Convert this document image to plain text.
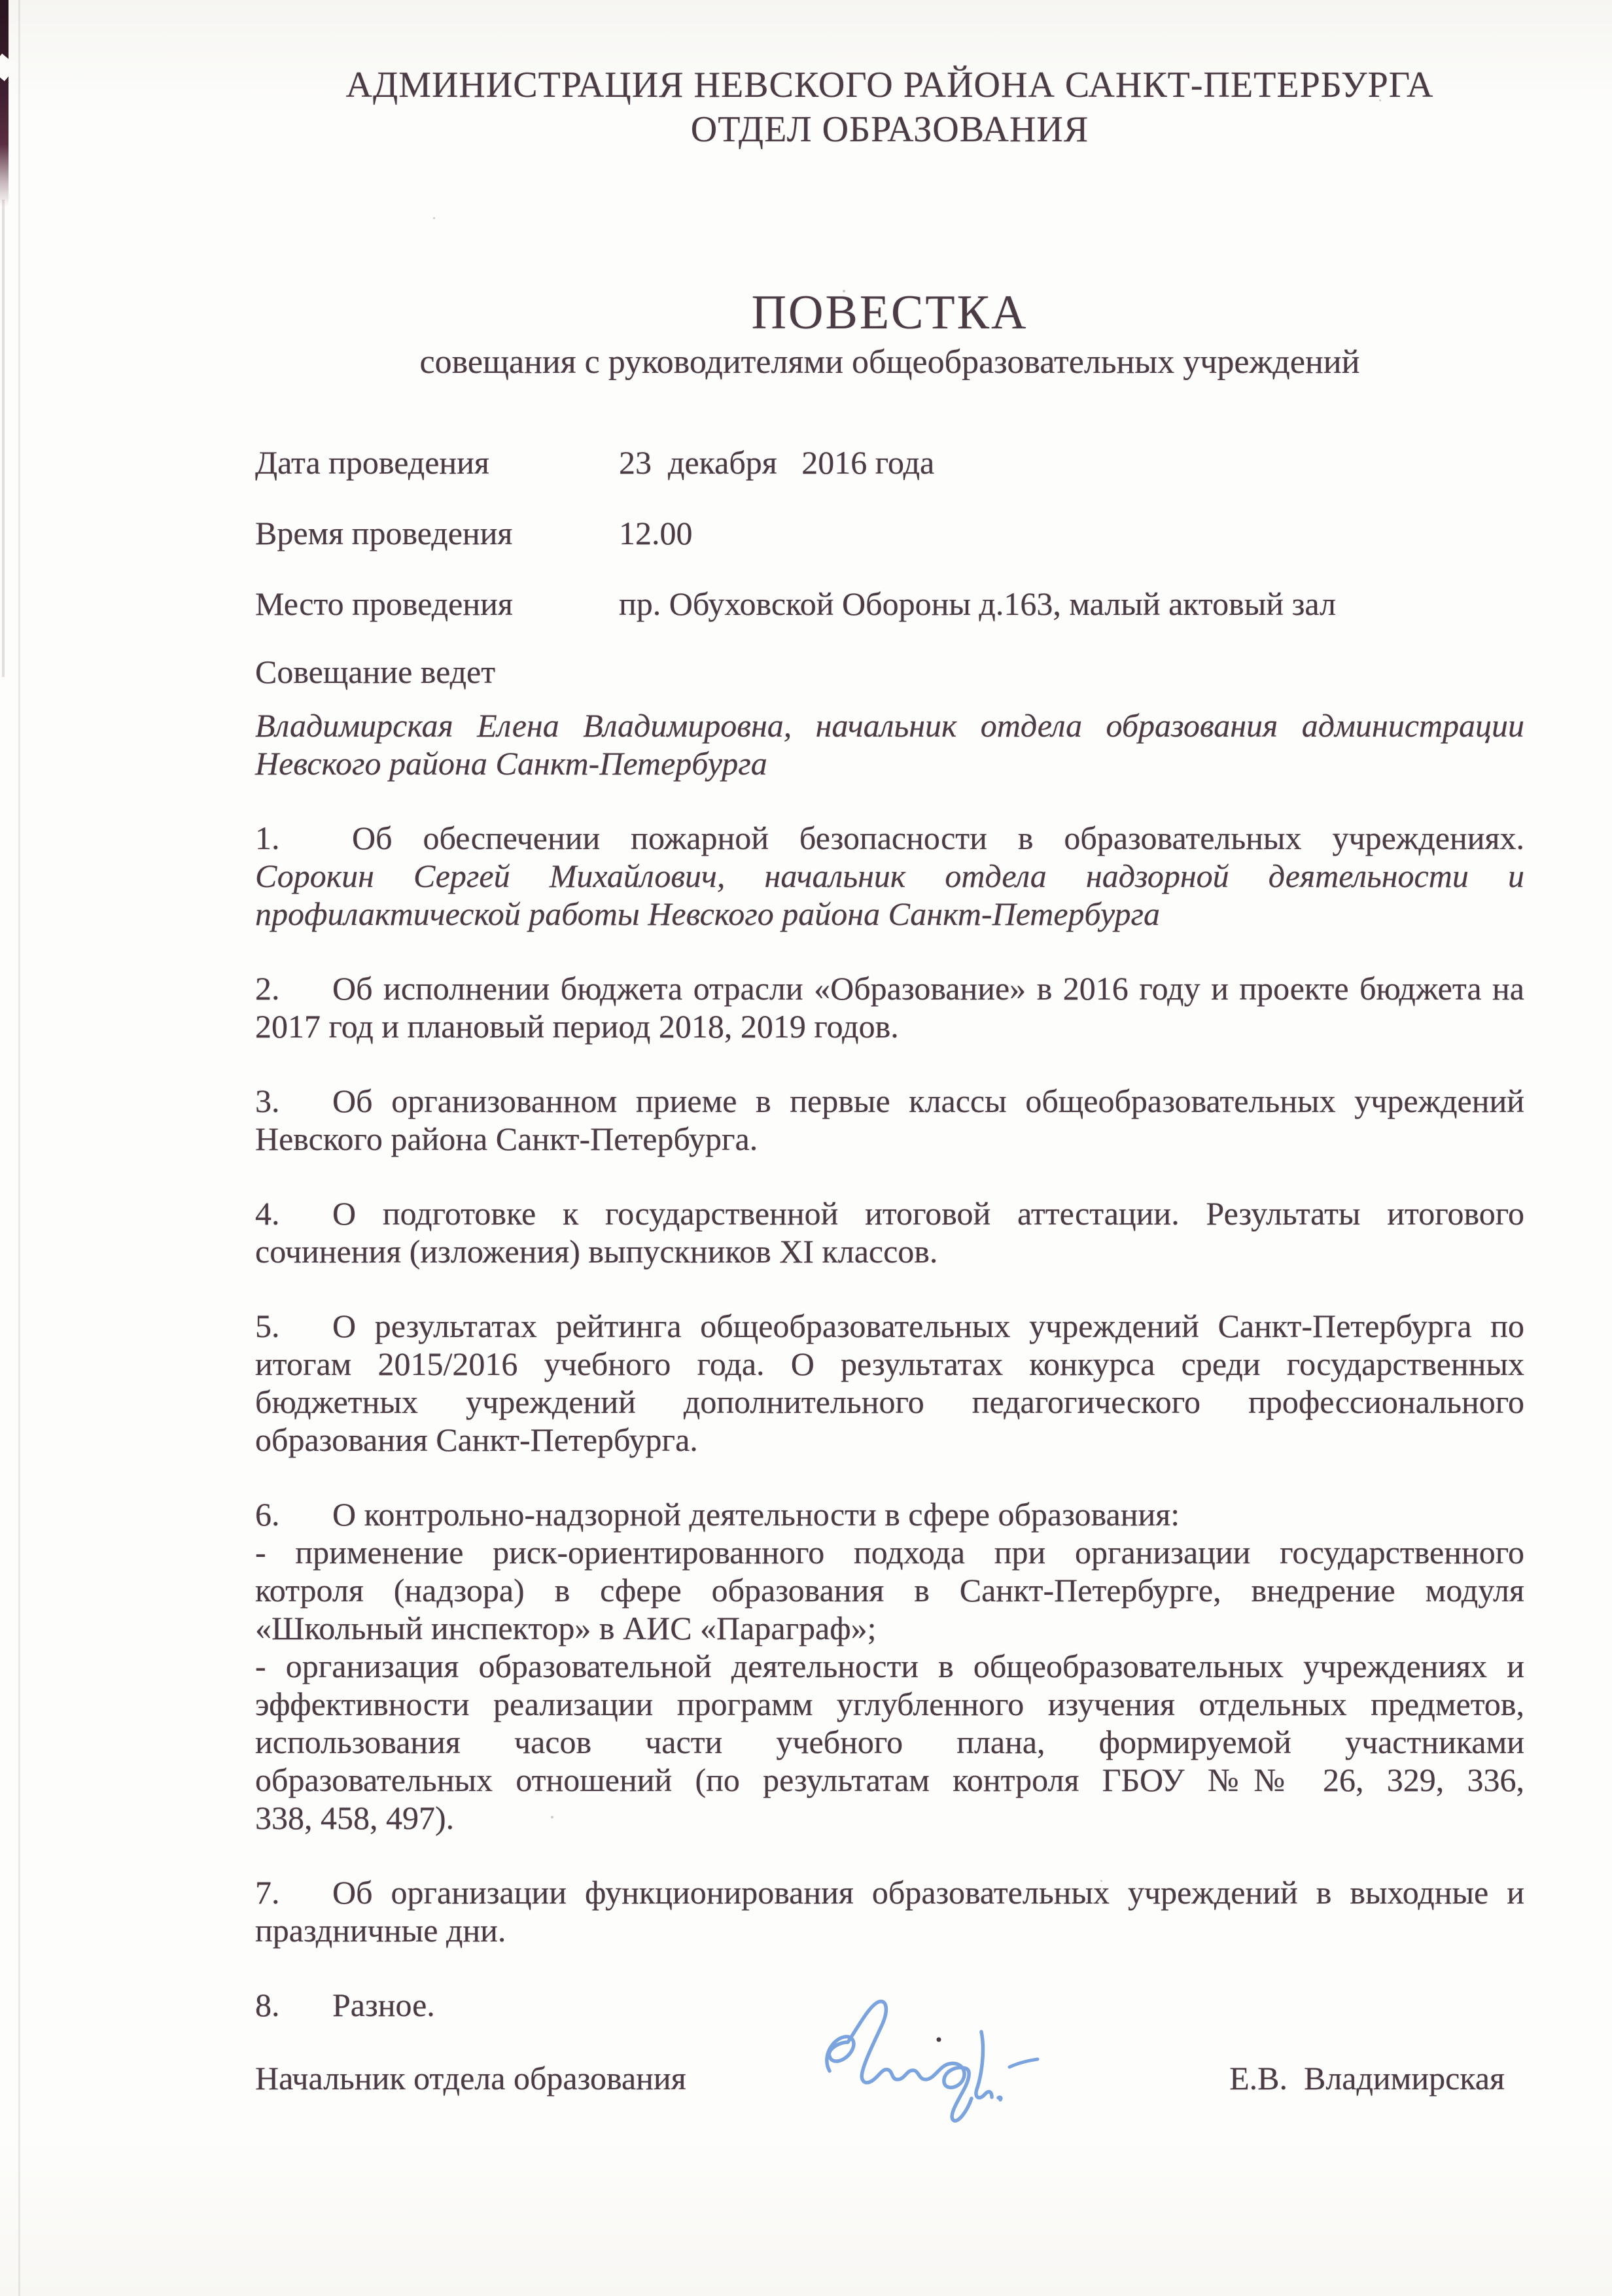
АДМИНИСТРАЦИЯ НЕВСКОГО РАЙОНА САНКТ-ПЕТЕРБУРГА
ОТДЕЛ ОБРАЗОВАНИЯ
ПОВЕСТКА
совещания с руководителями общеобразовательных учреждений
Дата проведения	23  декабря   2016 года
Время проведения	12.00
Место проведения	пр. Обуховской Обороны д.163, малый актовый зал
Совещание ведет
Владимирская Елена Владимировна, начальник отдела образования администрации
Невского района Санкт-Петербурга

1. Об обеспечении пожарной безопасности в образовательных учреждениях.
Сорокин Сергей Михайлович, начальник отдела надзорной деятельности и
профилактической работы Невского района Санкт-Петербурга

2. Об исполнении бюджета отрасли «Образование» в 2016 году и проекте бюджета на
2017 год и плановый период 2018, 2019 годов.

3. Об организованном приеме в первые классы общеобразовательных учреждений
Невского района Санкт-Петербурга.

4. О подготовке к государственной итоговой аттестации. Результаты итогового
сочинения (изложения) выпускников XI классов.

5. О результатах рейтинга общеобразовательных учреждений Санкт-Петербурга по
итогам 2015/2016 учебного года. О результатах конкурса среди государственных
бюджетных учреждений дополнительного педагогического профессионального
образования Санкт-Петербурга.

6. О контрольно-надзорной деятельности в сфере образования:
- применение риск-ориентированного подхода при организации государственного
котроля (надзора) в сфере образования в Санкт-Петербурге, внедрение модуля
«Школьный инспектор» в АИС «Параграф»;
- организация образовательной деятельности в общеобразовательных учреждениях и
эффективности реализации программ углубленного изучения отдельных предметов,
использования часов части учебного плана, формируемой участниками
образовательных отношений (по результатам контроля ГБОУ №№ 26, 329, 336,
338, 458, 497).

7. Об организации функционирования образовательных учреждений в выходные и
праздничные дни.

8. Разное.

Начальник отдела образования	Е.В.  Владимирская
